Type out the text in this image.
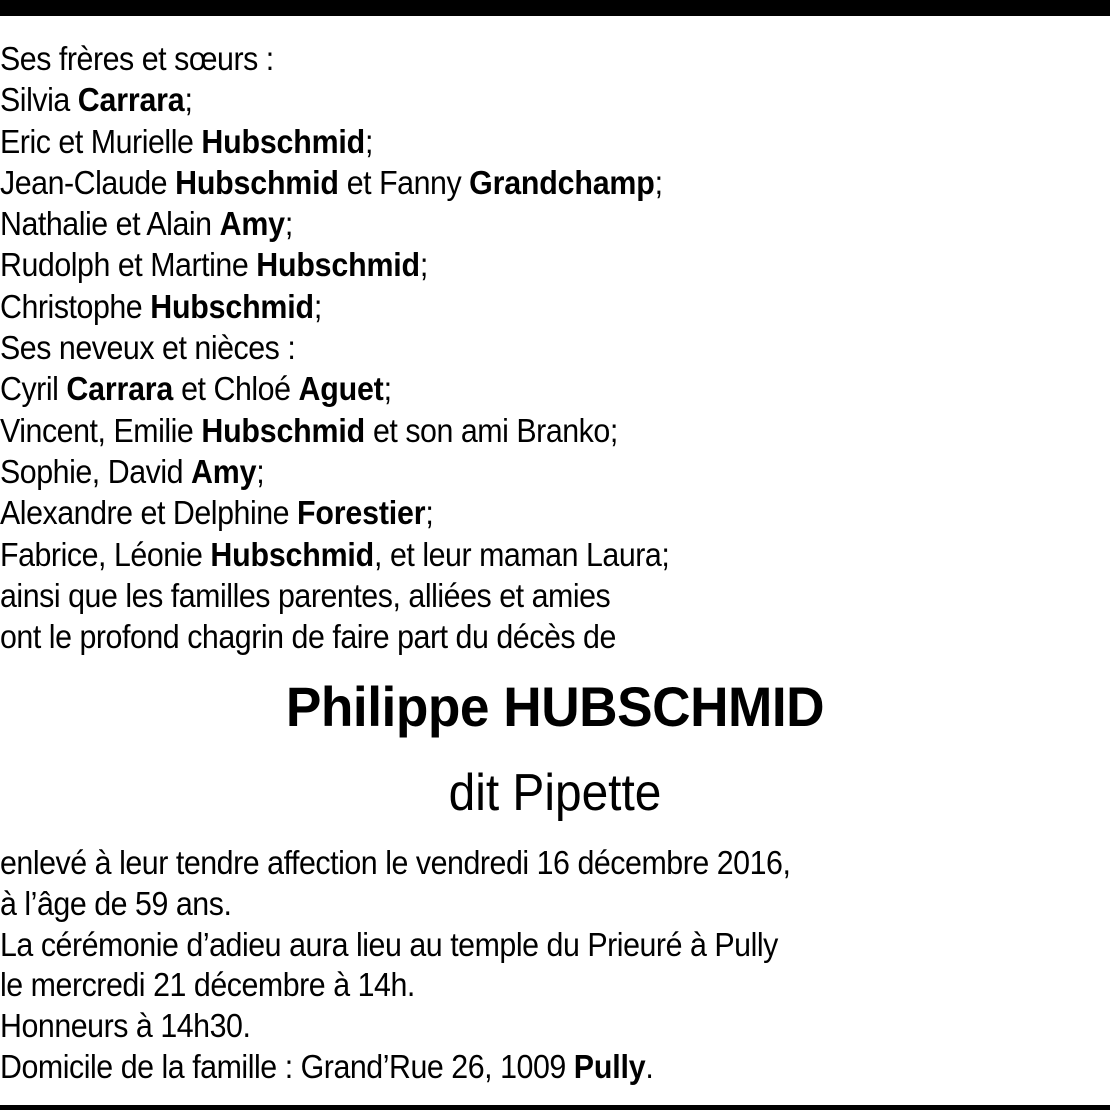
Ses frères et sœurs :
Silvia Carrara;
Eric et Murielle Hubschmid;
Jean-Claude Hubschmid et Fanny Grandchamp;
Nathalie et Alain Amy;
Rudolph et Martine Hubschmid;
Christophe Hubschmid;
Ses neveux et nièces :
Cyril Carrara et Chloé Aguet;
Vincent, Emilie Hubschmid et son ami Branko;
Sophie, David Amy;
Alexandre et Delphine Forestier;
Fabrice, Léonie Hubschmid, et leur maman Laura;
ainsi que les familles parentes, alliées et amies
ont le profond chagrin de faire part du décès de
Philippe HUBSCHMID
dit Pipette
enlevé à leur tendre affection le vendredi 16 décembre 2016,
à l’âge de 59 ans.
La cérémonie d’adieu aura lieu au temple du Prieuré à Pully
le mercredi 21 décembre à 14h.
Honneurs à 14h30.
Domicile de la famille : Grand’Rue 26, 1009 Pully.
